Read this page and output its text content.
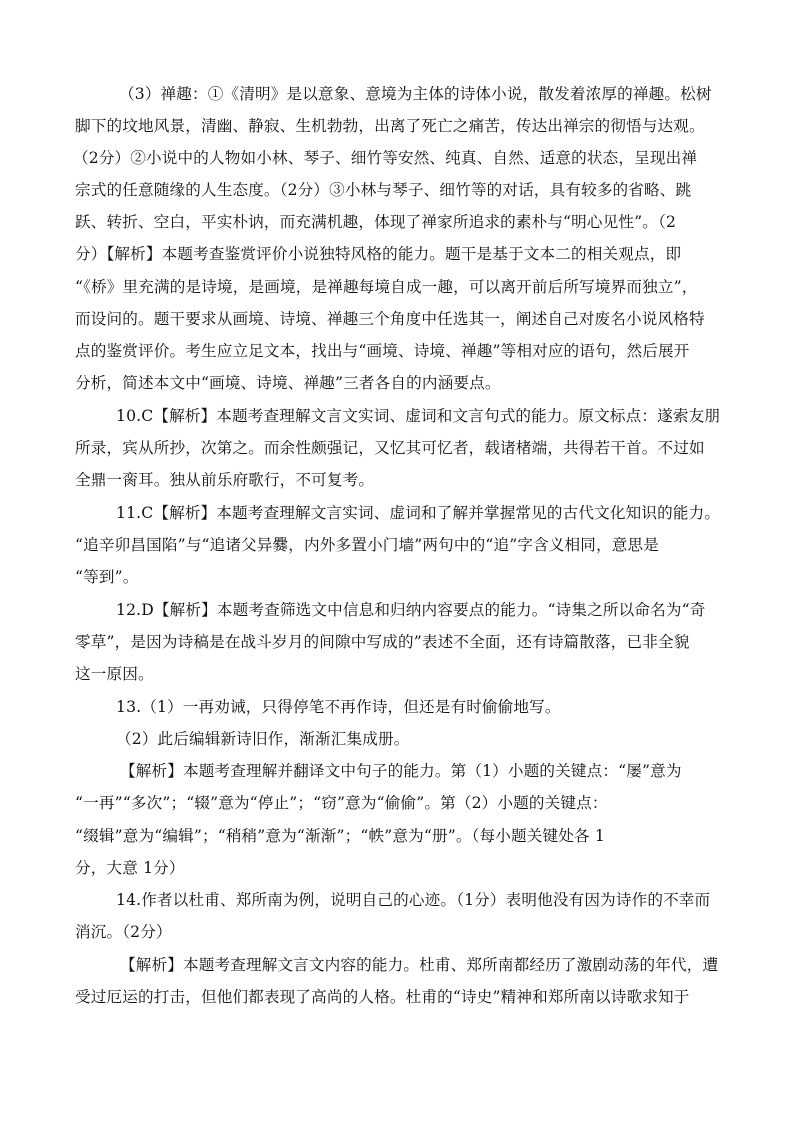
（3）禅趣：①《清明》是以意象、意境为主体的诗体小说，散发着浓厚的禅趣。松树
脚下的坟地风景，清幽、静寂、生机勃勃，出离了死亡之痛苦，传达出禅宗的彻悟与达观。
（2分）②小说中的人物如小林、琴子、细竹等安然、纯真、自然、适意的状态，呈现出禅
宗式的任意随缘的人生态度。（2分）③小林与琴子、细竹等的对话，具有较多的省略、跳
跃、转折、空白，平实朴讷，而充满机趣，体现了禅家所追求的素朴与“明心见性”。（2
分）【解析】本题考查鉴赏评价小说独特风格的能力。题干是基于文本二的相关观点，即
“《桥》里充满的是诗境，是画境，是禅趣每境自成一趣，可以离开前后所写境界而独立”，
而设问的。题干要求从画境、诗境、禅趣三个角度中任选其一，阐述自己对废名小说风格特
点的鉴赏评价。考生应立足文本，找出与“画境、诗境、禅趣”等相对应的语句，然后展开
分析，简述本文中“画境、诗境、禅趣”三者各自的内涵要点。
10.C【解析】本题考查理解文言文实词、虚词和文言句式的能力。原文标点：遂索友朋
所录，宾从所抄，次第之。而余性颇强记，又忆其可忆者，载诸楮端，共得若干首。不过如
全鼎一脔耳。独从前乐府歌行，不可复考。
11.C【解析】本题考查理解文言实词、虚词和了解并掌握常见的古代文化知识的能力。
“追辛卯昌国陷”与“追诸父异爨，内外多置小门墙”两句中的“追”字含义相同，意思是
“等到”。
12.D【解析】本题考查筛选文中信息和归纳内容要点的能力。“诗集之所以命名为“奇
零草”，是因为诗稿是在战斗岁月的间隙中写成的”表述不全面，还有诗篇散落，已非全貌
这一原因。
13.（1）一再劝诫，只得停笔不再作诗，但还是有时偷偷地写。
（2）此后编辑新诗旧作，渐渐汇集成册。
【解析】本题考查理解并翻译文中句子的能力。第（1）小题的关键点：“屡”意为
“一再”“多次”；“辍”意为“停止”；“窃”意为“偷偷”。第（2）小题的关键点：
“缀辑”意为“编辑”；“稍稍”意为“渐渐”；“帙”意为“册”。（每小题关键处各 1
分，大意 1分）
14.作者以杜甫、郑所南为例，说明自己的心迹。（1分）表明他没有因为诗作的不幸而
消沉。（2分）
【解析】本题考查理解文言文内容的能力。杜甫、郑所南都经历了激剧动荡的年代，遭
受过厄运的打击，但他们都表现了高尚的人格。杜甫的“诗史”精神和郑所南以诗歌求知于
